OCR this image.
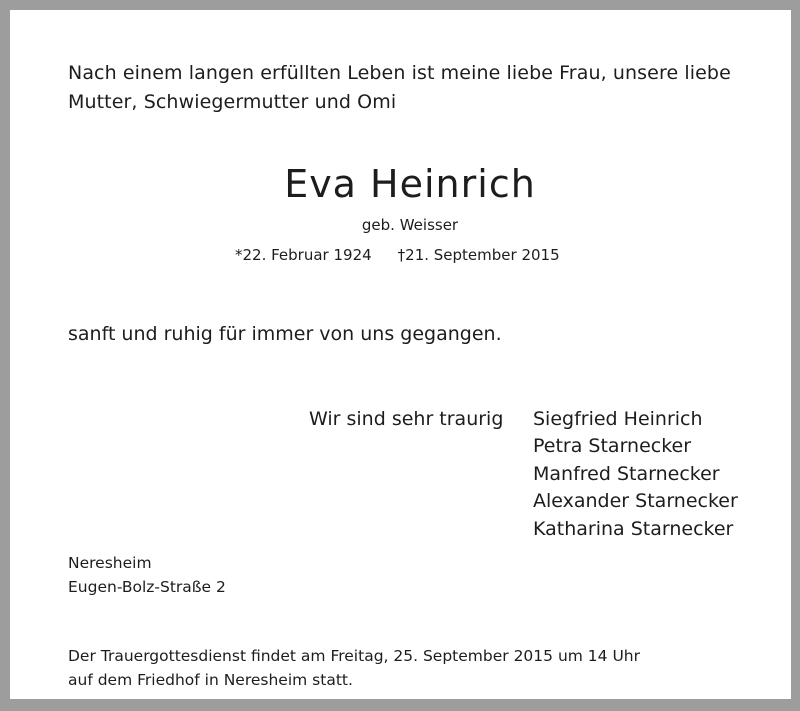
Nach einem langen erfüllten Leben ist meine liebe Frau, unsere liebe
Mutter, Schwiegermutter und Omi
Eva Heinrich
geb. Weisser
*22. Februar 1924 †21. September 2015
sanft und ruhig für immer von uns gegangen.
Wir sind sehr traurig Siegfried Heinrich
Petra Starnecker
Manfred Starnecker
Alexander Starnecker
Katharina Starnecker
Neresheim
Eugen-Bolz-Straße 2
Der Trauergottesdienst findet am Freitag, 25. September 2015 um 14 Uhr
auf dem Friedhof in Neresheim statt.
